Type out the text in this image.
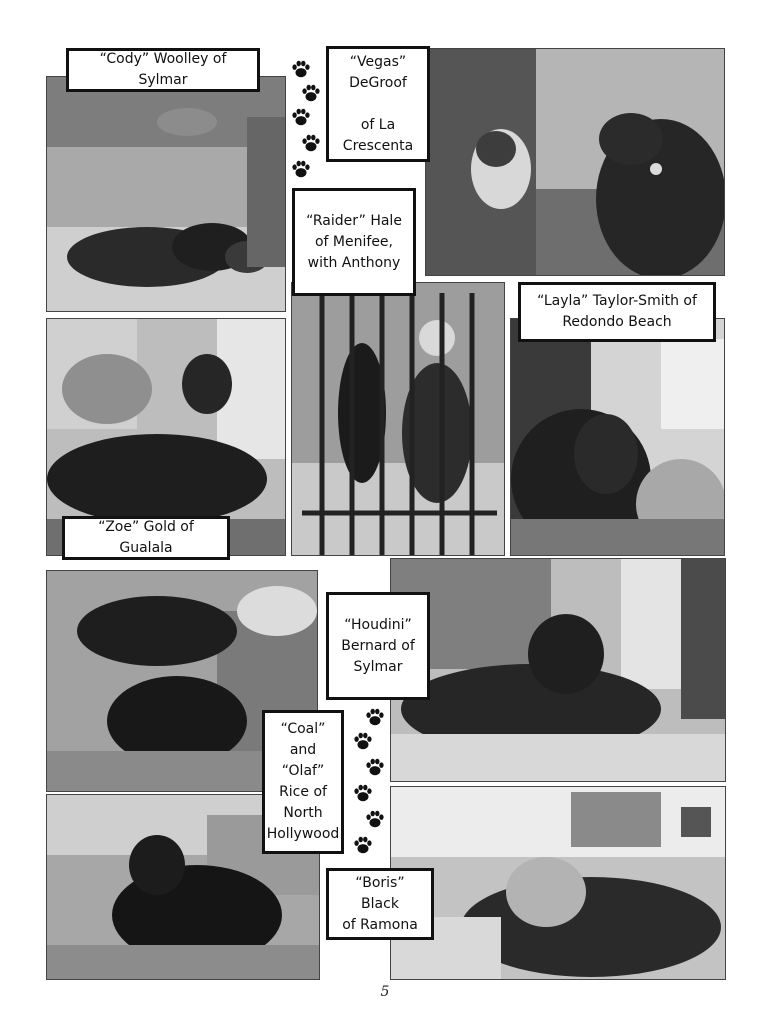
“Cody” Woolley of Sylmar
“Vegas”
DeGroof

of La
Crescenta
“Raider” Hale
of Menifee,
with Anthony
“Layla” Taylor-Smith of
Redondo Beach
“Zoe” Gold of Gualala
“Houdini”
Bernard of
Sylmar
“Coal”
and
“Olaf”
Rice of
North
Hollywood
“Boris” Black
of Ramona
5
